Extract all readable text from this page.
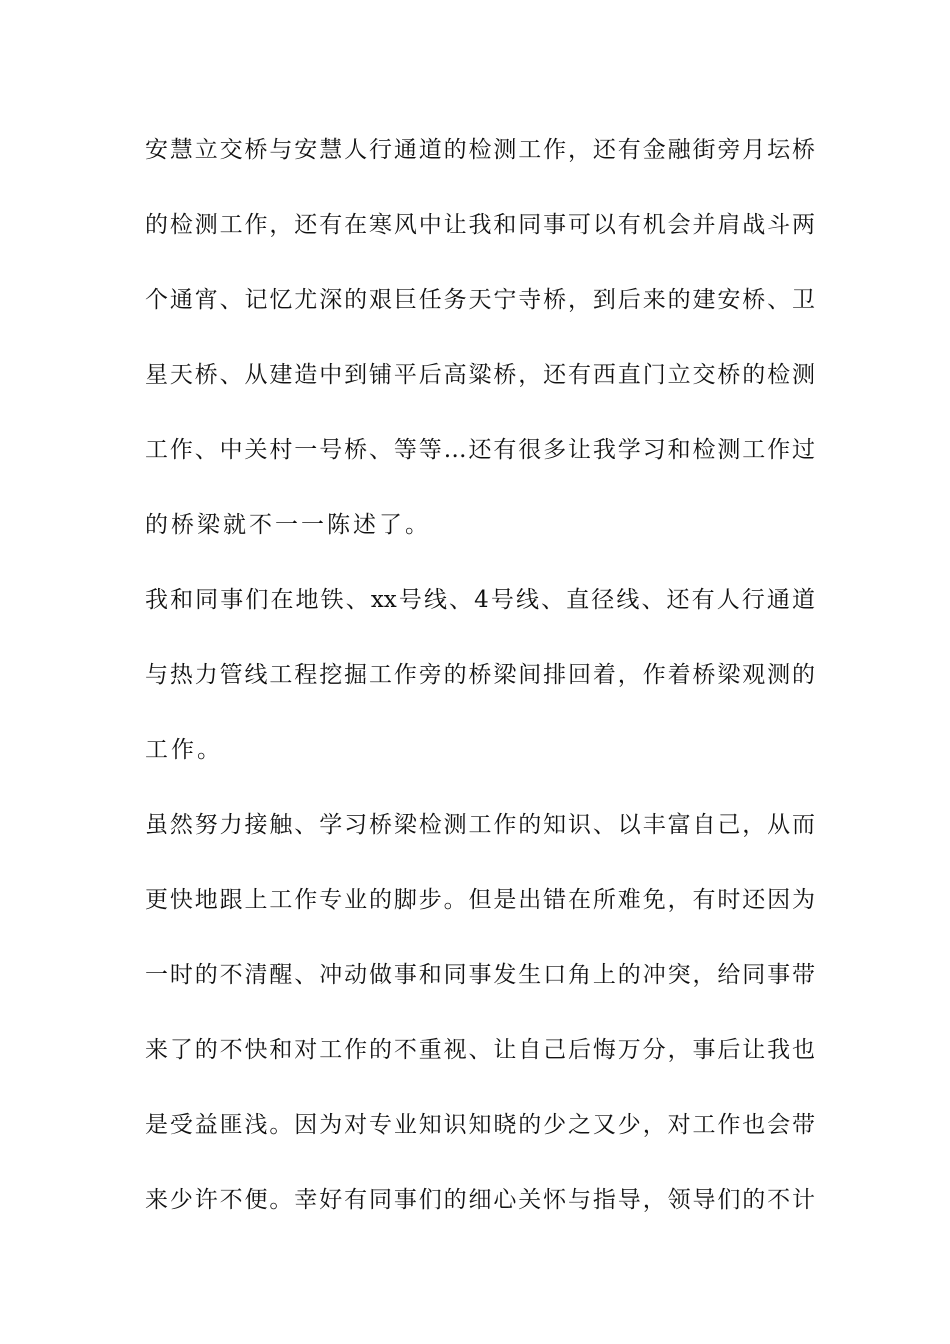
安慧立交桥与安慧人行通道的检测工作，还有金融街旁月坛桥
的检测工作，还有在寒风中让我和同事可以有机会并肩战斗两
个通宵、记忆尤深的艰巨任务天宁寺桥，到后来的建安桥、卫
星天桥、从建造中到铺平后高粱桥，还有西直门立交桥的检测
工作、中关村一号桥、等等…还有很多让我学习和检测工作过
的桥梁就不一一陈述了。
我和同事们在地铁、xx号线、4号线、直径线、还有人行通道
与热力管线工程挖掘工作旁的桥梁间排回着，作着桥梁观测的
工作。
虽然努力接触、学习桥梁检测工作的知识、以丰富自己，从而
更快地跟上工作专业的脚步。但是出错在所难免，有时还因为
一时的不清醒、冲动做事和同事发生口角上的冲突，给同事带
来了的不快和对工作的不重视、让自己后悔万分，事后让我也
是受益匪浅。因为对专业知识知晓的少之又少，对工作也会带
来少许不便。幸好有同事们的细心关怀与指导，领导们的不计
